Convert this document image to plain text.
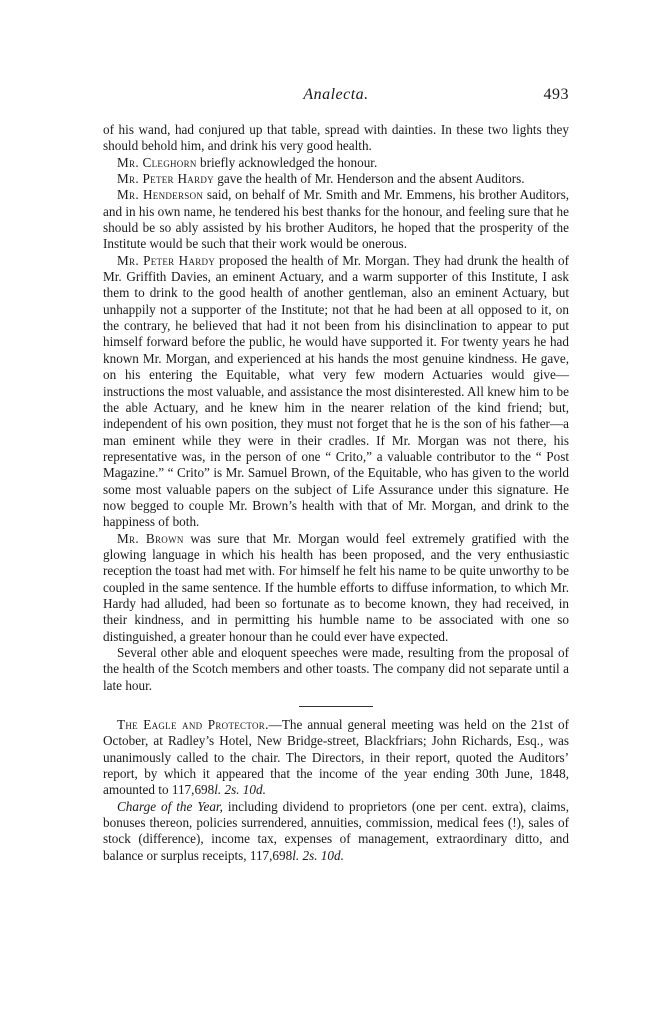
Analecta.	493

of his wand, had conjured up that table, spread with dainties. In these two lights they should behold him, and drink his very good health.

Mr. Cleghorn briefly acknowledged the honour.

Mr. Peter Hardy gave the health of Mr. Henderson and the absent Auditors.

Mr. Henderson said, on behalf of Mr. Smith and Mr. Emmens, his brother Auditors, and in his own name, he tendered his best thanks for the honour, and feeling sure that he should be so ably assisted by his brother Auditors, he hoped that the prosperity of the Institute would be such that their work would be onerous.

Mr. Peter Hardy proposed the health of Mr. Morgan. They had drunk the health of Mr. Griffith Davies, an eminent Actuary, and a warm supporter of this Institute, I ask them to drink to the good health of another gentleman, also an eminent Actuary, but unhappily not a supporter of the Institute; not that he had been at all opposed to it, on the contrary, he believed that had it not been from his disinclination to appear to put himself forward before the public, he would have supported it. For twenty years he had known Mr. Morgan, and experienced at his hands the most genuine kindness. He gave, on his entering the Equitable, what very few modern Actuaries would give—instructions the most valuable, and assistance the most disinterested. All knew him to be the able Actuary, and he knew him in the nearer relation of the kind friend; but, independent of his own position, they must not forget that he is the son of his father—a man eminent while they were in their cradles. If Mr. Morgan was not there, his representative was, in the person of one “ Crito,” a valuable contributor to the “ Post Magazine.” “ Crito” is Mr. Samuel Brown, of the Equitable, who has given to the world some most valuable papers on the subject of Life Assurance under this signature. He now begged to couple Mr. Brown’s health with that of Mr. Morgan, and drink to the happiness of both.

Mr. Brown was sure that Mr. Morgan would feel extremely gratified with the glowing language in which his health has been proposed, and the very enthusiastic reception the toast had met with. For himself he felt his name to be quite unworthy to be coupled in the same sentence. If the humble efforts to diffuse information, to which Mr. Hardy had alluded, had been so fortunate as to become known, they had received, in their kindness, and in permitting his humble name to be associated with one so distinguished, a greater honour than he could ever have expected.

Several other able and eloquent speeches were made, resulting from the proposal of the health of the Scotch members and other toasts. The company did not separate until a late hour.

The Eagle and Protector.—The annual general meeting was held on the 21st of October, at Radley’s Hotel, New Bridge-street, Blackfriars; John Richards, Esq., was unanimously called to the chair. The Directors, in their report, quoted the Auditors’ report, by which it appeared that the income of the year ending 30th June, 1848, amounted to 117,698l. 2s. 10d.

Charge of the Year, including dividend to proprietors (one per cent. extra), claims, bonuses thereon, policies surrendered, annuities, commission, medical fees (!), sales of stock (difference), income tax, expenses of management, extraordinary ditto, and balance or surplus receipts, 117,698l. 2s. 10d.
